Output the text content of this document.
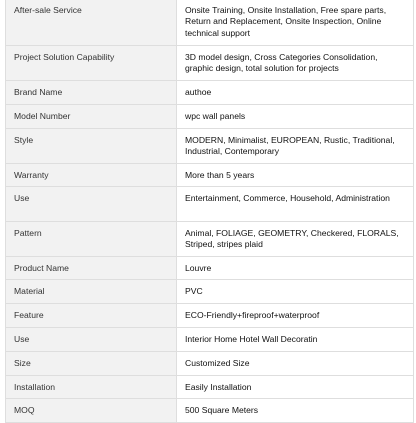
After-sale Service	Onsite Training, Onsite Installation, Free spare parts, Return and Replacement, Onsite Inspection, Online technical support
Project Solution Capability	3D model design, Cross Categories Consolidation, graphic design, total solution for projects
Brand Name	authoe
Model Number	wpc wall panels
Style	MODERN, Minimalist, EUROPEAN, Rustic, Traditional, Industrial, Contemporary
Warranty	More than 5 years
Use	Entertainment, Commerce, Household, Administration
Pattern	Animal, FOLIAGE, GEOMETRY, Checkered, FLORALS, Striped, stripes plaid
Product Name	Louvre
Material	PVC
Feature	ECO-Friendly+fireproof+waterproof
Use	Interior Home Hotel Wall Decoratin
Size	Customized Size
Installation	Easily Installation
MOQ	500 Square Meters
